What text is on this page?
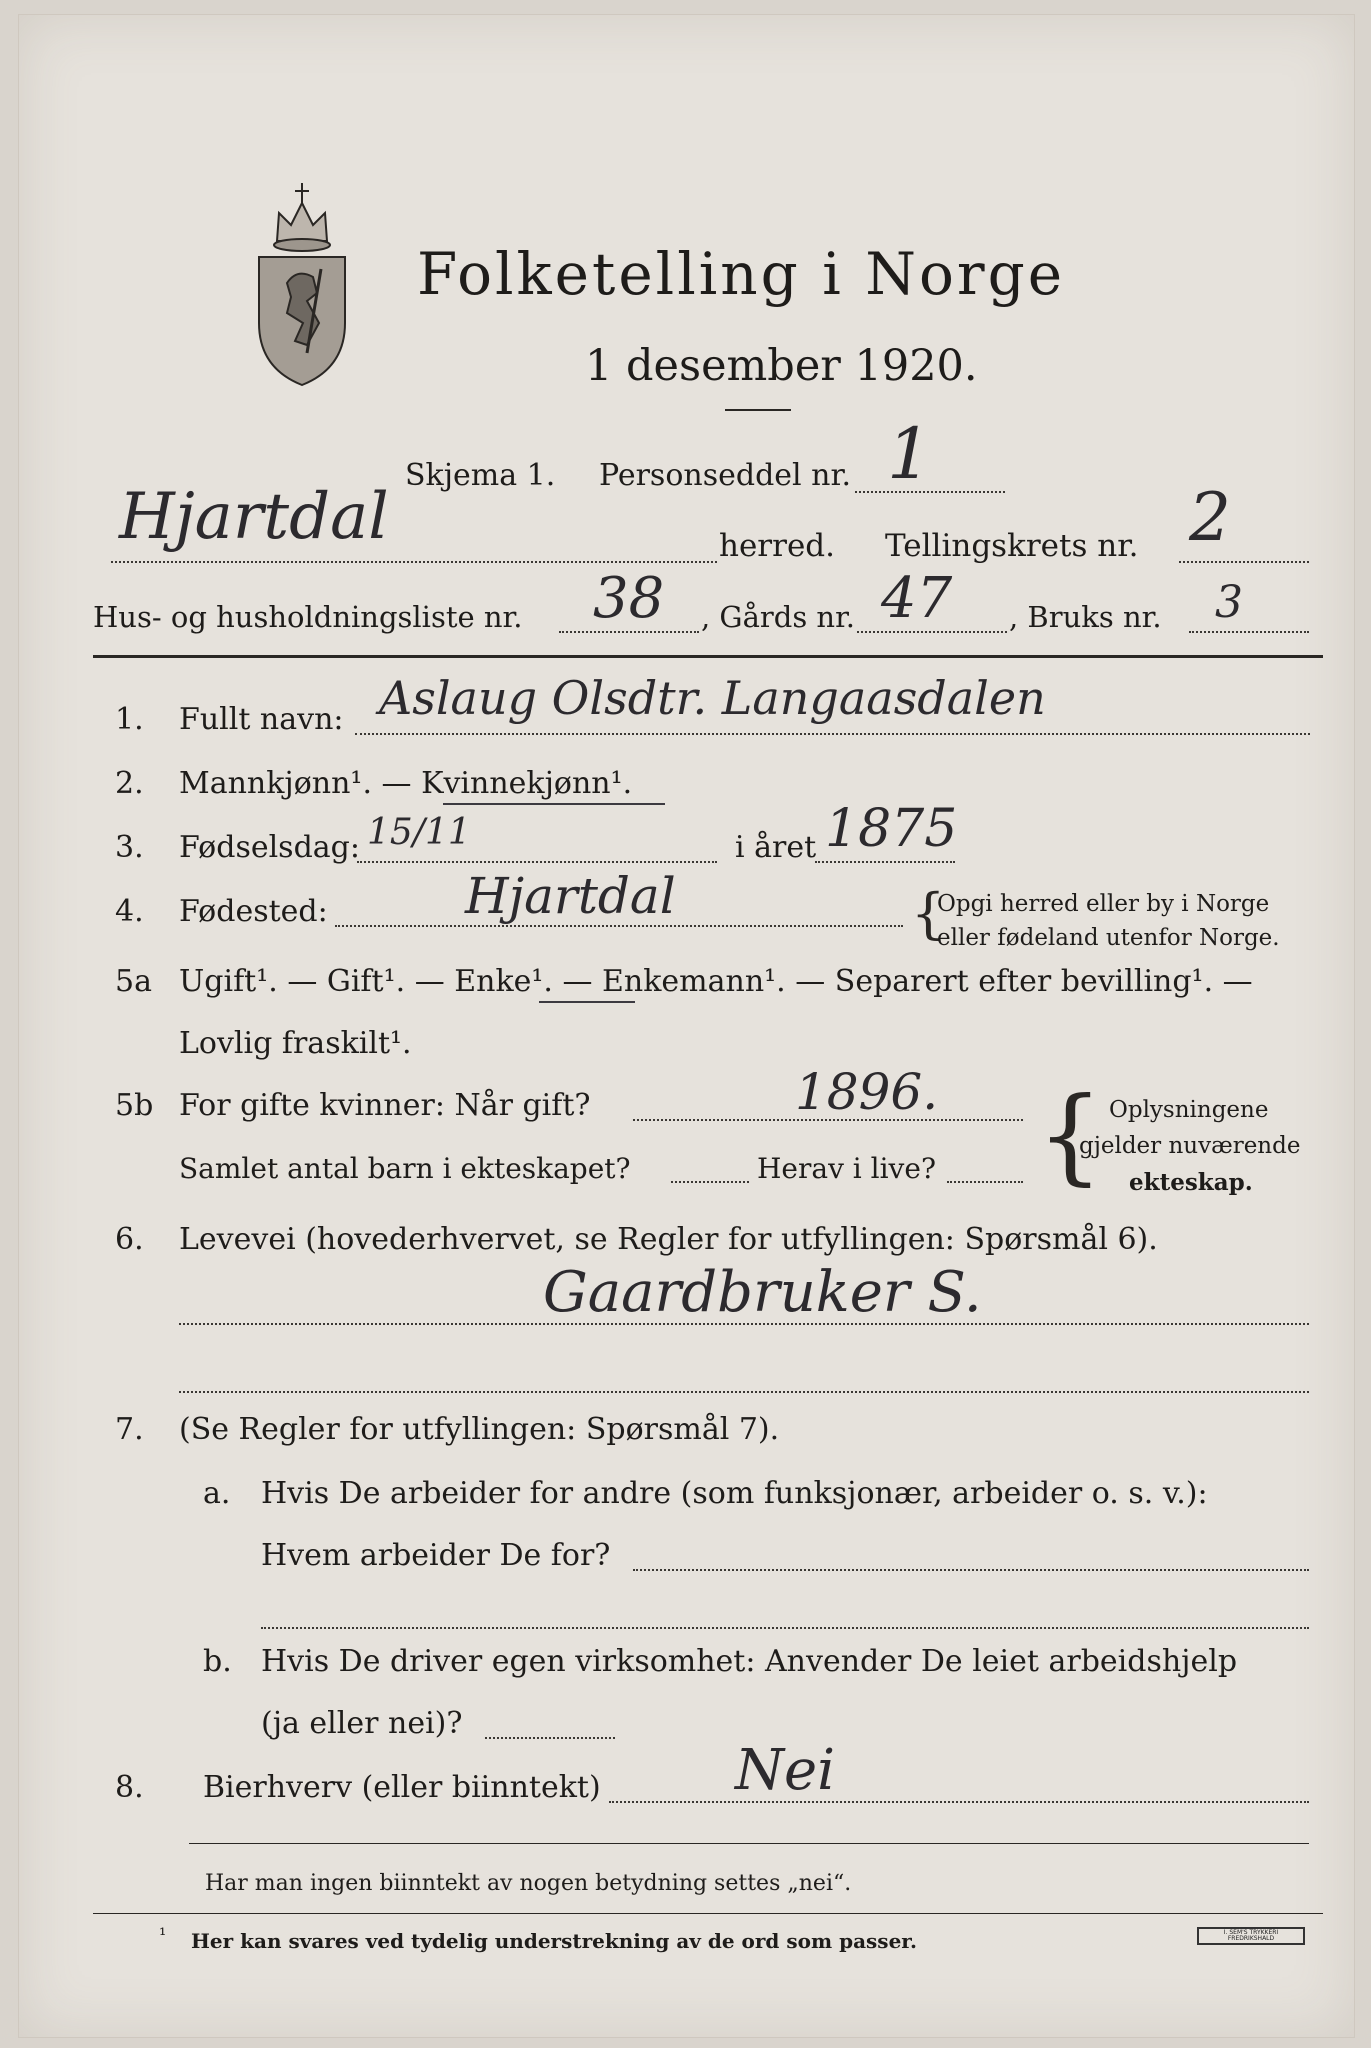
Folketelling i Norge
1 desember 1920.
Skjema 1. Personseddel nr. 1
Hjartdal	herred. Tellingskrets nr. 2
Hus- og husholdningsliste nr. 38 , Gårds nr. 47 , Bruks nr. 3
1. Fullt navn: Aslaug Olsdtr. Langaasdalen
2. Mannkjønn¹. — Kvinnekjønn¹.
3. Fødselsdag: 15/11	i året 1875
4. Fødested:	Hjartdal	{
Opgi herred eller by i Norge
eller fødeland utenfor Norge.
5a Ugift¹. — Gift¹. — Enke¹. — Enkemann¹. — Separert efter bevilling¹. —
Lovlig fraskilt¹.
5b For gifte kvinner: Når gift?	1896.
Samlet antal barn i ekteskapet?	Herav i live? { Oplysningene
gjelder nuværende
ekteskap.
6. Levevei (hovederhvervet, se Regler for utfyllingen: Spørsmål 6).
Gaardbruker S.
7. (Se Regler for utfyllingen: Spørsmål 7).
a. Hvis De arbeider for andre (som funksjonær, arbeider o. s. v.):
Hvem arbeider De for?
b. Hvis De driver egen virksomhet: Anvender De leiet arbeidshjelp
(ja eller nei)?
8. Bierhverv (eller biinntekt) Nei
Har man ingen biinntekt av nogen betydning settes „nei“.
¹ Her kan svares ved tydelig understrekning av de ord som passer.	I. SEM'S TRYKKERI
FREDRIKSHALD
